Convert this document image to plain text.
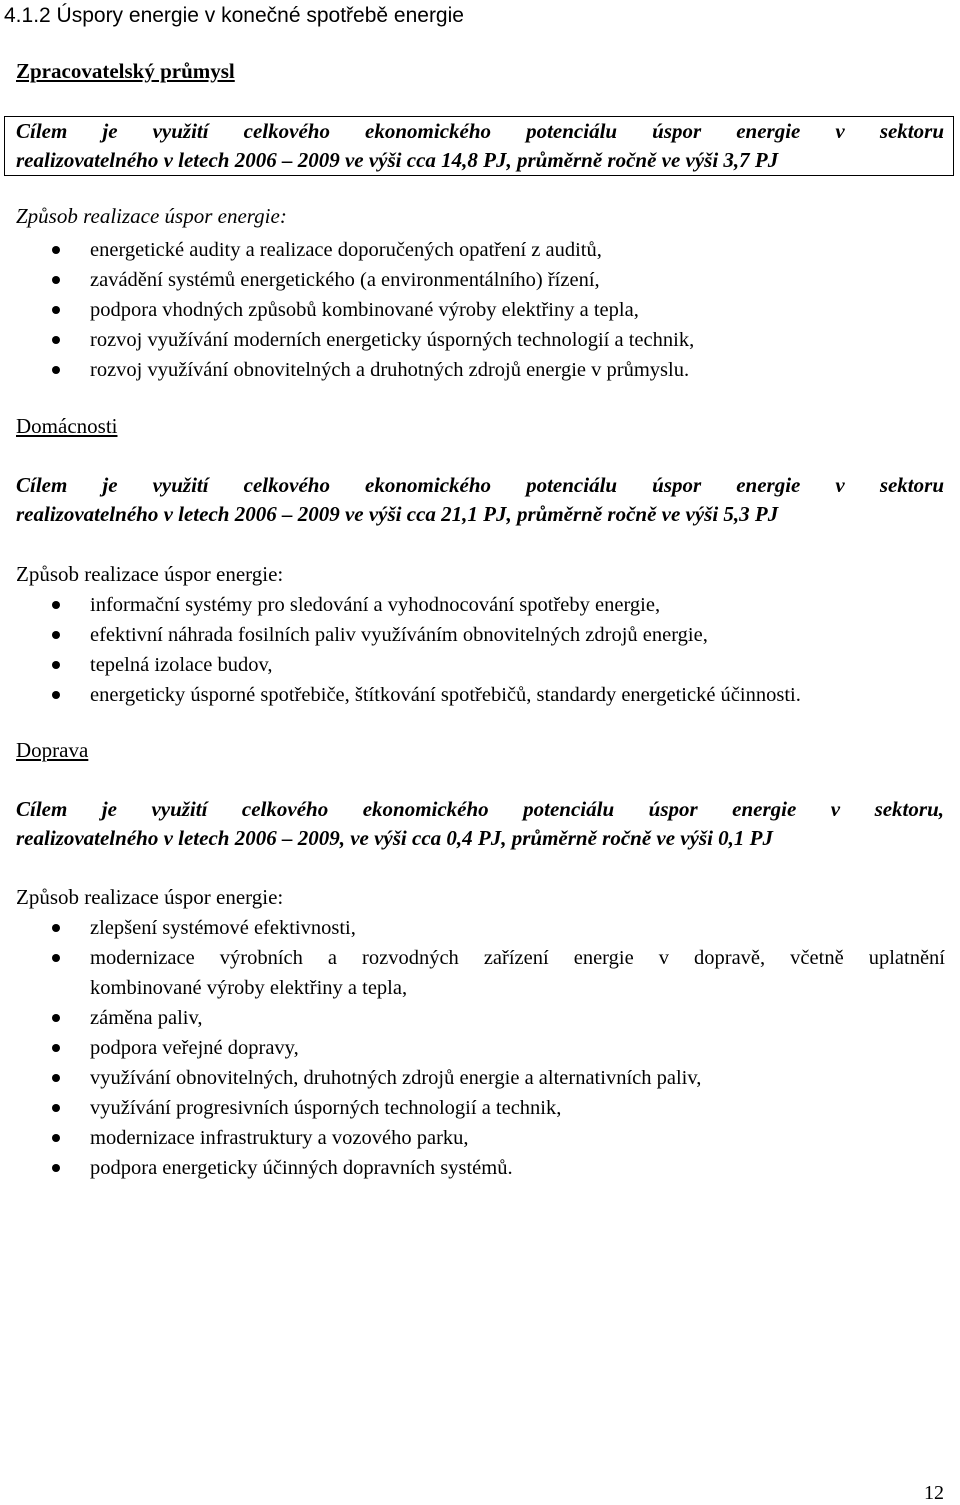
4.1.2 Úspory energie v konečné spotřebě energie
Zpracovatelský průmysl
Cílem je využití celkového ekonomického potenciálu úspor energie v sektoru
realizovatelného v letech 2006 – 2009 ve výši cca 14,8 PJ, průměrně ročně ve výši 3,7 PJ
Způsob realizace úspor energie:
energetické audity a realizace doporučených opatření z auditů,
zavádění systémů energetického (a environmentálního) řízení,
podpora vhodných způsobů kombinované výroby elektřiny a tepla,
rozvoj využívání moderních energeticky úsporných technologií a technik,
rozvoj využívání obnovitelných a druhotných zdrojů energie v průmyslu.
Domácnosti
Cílem je využití celkového ekonomického potenciálu úspor energie v sektoru
realizovatelného v letech 2006 – 2009 ve výši cca 21,1 PJ, průměrně ročně ve výši 5,3 PJ
Způsob realizace úspor energie:
informační systémy pro sledování a vyhodnocování spotřeby energie,
efektivní náhrada fosilních paliv využíváním obnovitelných zdrojů energie,
tepelná izolace budov,
energeticky úsporné spotřebiče, štítkování spotřebičů, standardy energetické účinnosti.
Doprava
Cílem je využití celkového ekonomického potenciálu úspor energie v sektoru,
realizovatelného v letech 2006 – 2009, ve výši cca 0,4 PJ, průměrně ročně ve výši 0,1 PJ
Způsob realizace úspor energie:
zlepšení systémové efektivnosti,
modernizace výrobních a rozvodných zařízení energie v dopravě, včetně uplatnění
kombinované výroby elektřiny a tepla,
záměna paliv,
podpora veřejné dopravy,
využívání obnovitelných, druhotných zdrojů energie a alternativních paliv,
využívání progresivních úsporných technologií a technik,
modernizace infrastruktury a vozového parku,
podpora energeticky účinných dopravních systémů.
12
